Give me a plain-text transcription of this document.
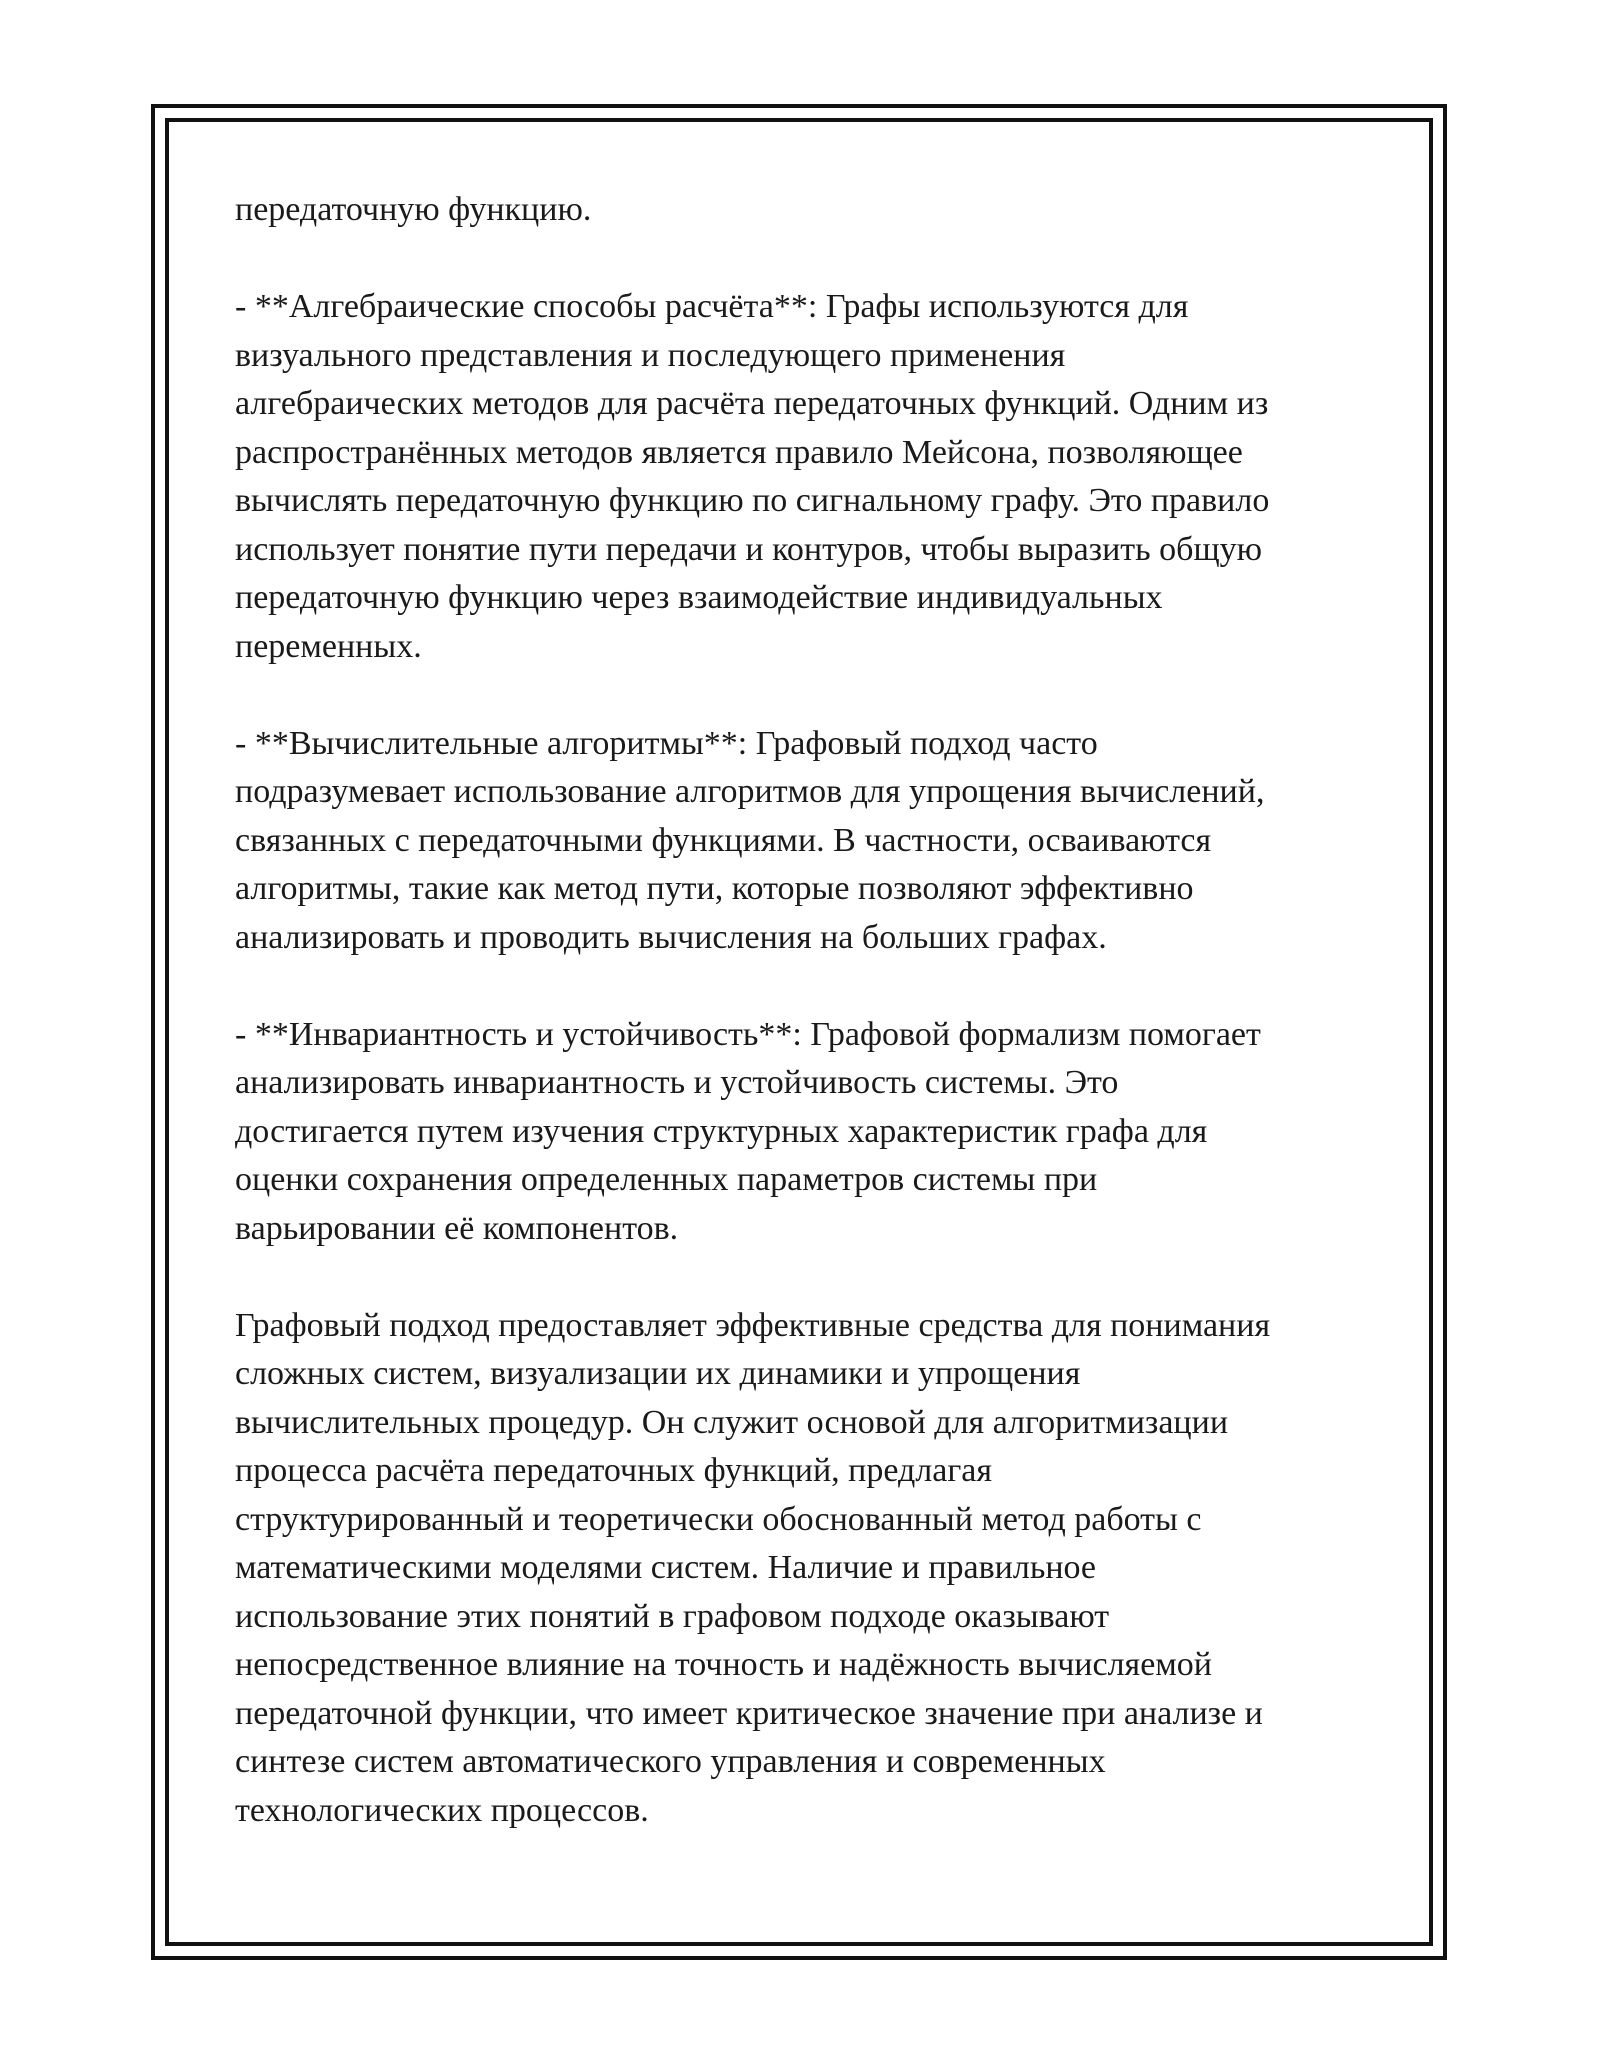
передаточную функцию.

- **Алгебраические способы расчёта**: Графы используются для
визуального представления и последующего применения
алгебраических методов для расчёта передаточных функций. Одним из
распространённых методов является правило Мейсона, позволяющее
вычислять передаточную функцию по сигнальному графу. Это правило
использует понятие пути передачи и контуров, чтобы выразить общую
передаточную функцию через взаимодействие индивидуальных
переменных.

- **Вычислительные алгоритмы**: Графовый подход часто
подразумевает использование алгоритмов для упрощения вычислений,
связанных с передаточными функциями. В частности, осваиваются
алгоритмы, такие как метод пути, которые позволяют эффективно
анализировать и проводить вычисления на больших графах.

- **Инвариантность и устойчивость**: Графовой формализм помогает
анализировать инвариантность и устойчивость системы. Это
достигается путем изучения структурных характеристик графа для
оценки сохранения определенных параметров системы при
варьировании её компонентов.

Графовый подход предоставляет эффективные средства для понимания
сложных систем, визуализации их динамики и упрощения
вычислительных процедур. Он служит основой для алгоритмизации
процесса расчёта передаточных функций, предлагая
структурированный и теоретически обоснованный метод работы с
математическими моделями систем. Наличие и правильное
использование этих понятий в графовом подходе оказывают
непосредственное влияние на точность и надёжность вычисляемой
передаточной функции, что имеет критическое значение при анализе и
синтезе систем автоматического управления и современных
технологических процессов.
